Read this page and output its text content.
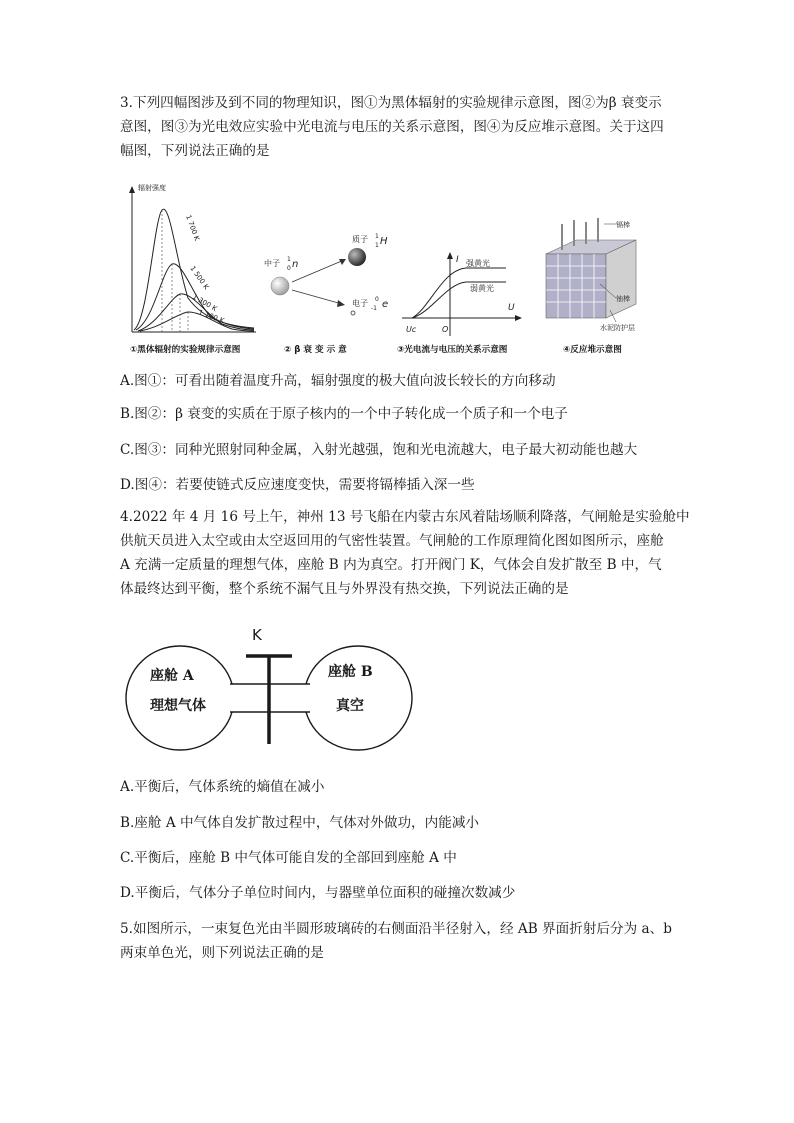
3.下列四幅图涉及到不同的物理知识，图①为黑体辐射的实验规律示意图，图②为β 衰变示
意图，图③为光电效应实验中光电流与电压的关系示意图，图④为反应堆示意图。关于这四
幅图，下列说法正确的是
辐射强度
1 700 K
1 500 K
1 300 K
1 100 K
①黑体辐射的实验规律示意图
中子 1
0 n
质子 1
1 H
电子 0
-1 e
② β 衰 变 示 意
I 强黄光
弱黄光
U
Uc	O
③光电流与电压的关系示意图
镉棒
铀棒
水泥防护层
④反应堆示意图
A.图①：可看出随着温度升高，辐射强度的极大值向波长较长的方向移动
B.图②：β 衰变的实质在于原子核内的一个中子转化成一个质子和一个电子
C.图③：同种光照射同种金属，入射光越强，饱和光电流越大，电子最大初动能也越大
D.图④：若要使链式反应速度变快，需要将镉棒插入深一些
4.2022 年 4 月 16 号上午，神州 13 号飞船在内蒙古东风着陆场顺利降落，气闸舱是实验舱中
供航天员进入太空或由太空返回用的气密性装置。气闸舱的工作原理简化图如图所示，座舱
A 充满一定质量的理想气体，座舱 B 内为真空。打开阀门 K，气体会自发扩散至 B 中，气
体最终达到平衡，整个系统不漏气且与外界没有热交换，下列说法正确的是
K
座舱 A
理想气体
座舱 B
真空
A.平衡后，气体系统的熵值在减小
B.座舱 A 中气体自发扩散过程中，气体对外做功，内能减小
C.平衡后，座舱 B 中气体可能自发的全部回到座舱 A 中
D.平衡后，气体分子单位时间内，与器壁单位面积的碰撞次数减少
5.如图所示，一束复色光由半圆形玻璃砖的右侧面沿半径射入，经 AB 界面折射后分为 a、b
两束单色光，则下列说法正确的是
